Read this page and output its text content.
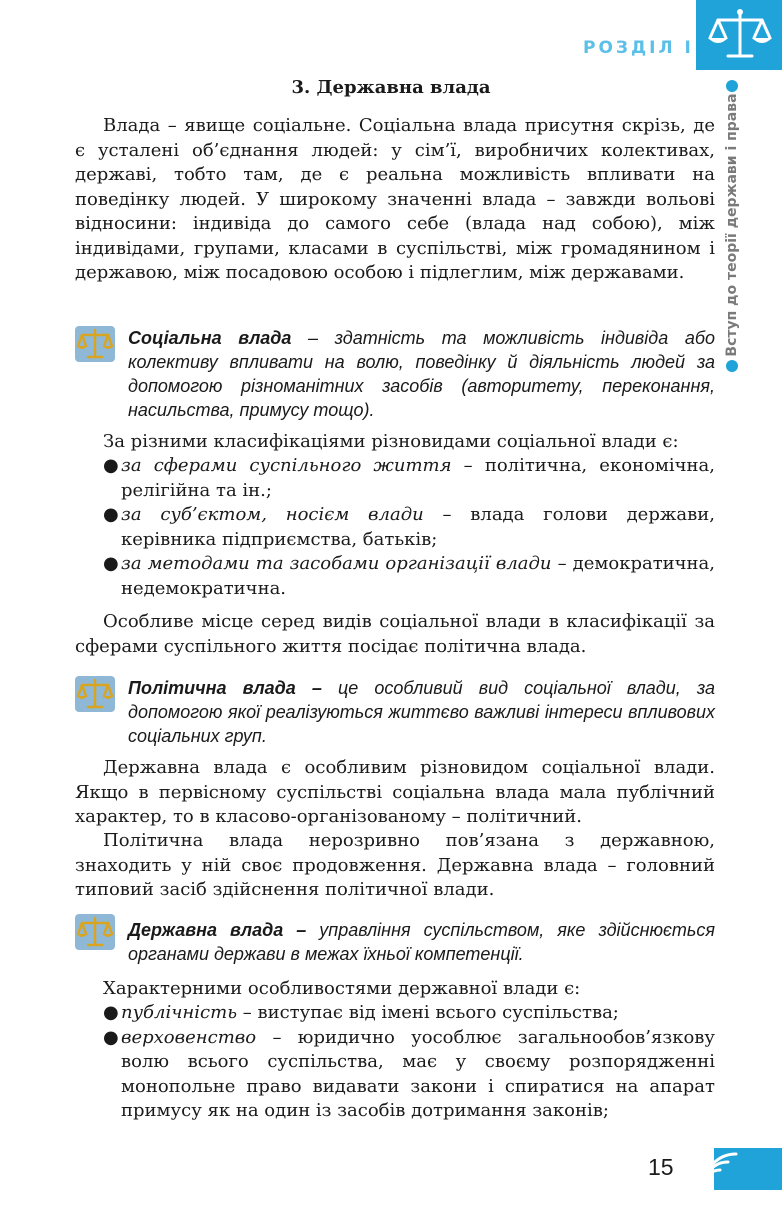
РОЗДІЛ I
Вступ до теорії держави і права
3. Державна влада
Влада – явище соціальне. Соціальна влада присутня скрізь, де є усталені об’єднання людей: у сім’ї, виробничих колективах, державі, тобто там, де є реальна можливість впливати на поведінку людей. У широкому значенні влада – завжди вольові відносини: індивіда до самого себе (влада над собою), між індивідами, групами, класами в суспільстві, між громадянином і державою, між посадовою особою і підлеглим, між державами.
Соціальна влада – здатність та можливість індивіда або колективу впливати на волю, поведінку й діяльність людей за допомогою різноманітних засобів (авторитету, переконання, насильства, примусу тощо).
За різними класифікаціями різновидами соціальної влади є:
● за сферами суспільного життя – політична, економічна, релігійна та ін.;
● за суб’єктом, носієм влади – влада голови держави, керівника підприємства, батьків;
● за методами та засобами організації влади – демократична, недемократична.
Особливе місце серед видів соціальної влади в класифікації за сферами суспільного життя посідає політична влада.
Політична влада – це особливий вид соціальної влади, за допомогою якої реалізуються життєво важливі інтереси впливових соціальних груп.
Державна влада є особливим різновидом соціальної влади. Якщо в первісному суспільстві соціальна влада мала публічний характер, то в класово-організованому – політичний.
Політична влада нерозривно пов’язана з державною, знаходить у ній своє продовження. Державна влада – головний типовий засіб здійснення політичної влади.
Державна влада – управління суспільством, яке здійснюється органами держави в межах їхньої компетенції.
Характерними особливостями державної влади є:
● публічність – виступає від імені всього суспільства;
● верховенство – юридично уособлює загальнообов’язкову волю всього суспільства, має у своєму розпорядженні монопольне право видавати закони і спиратися на апарат примусу як на один із засобів дотримання законів;
15
